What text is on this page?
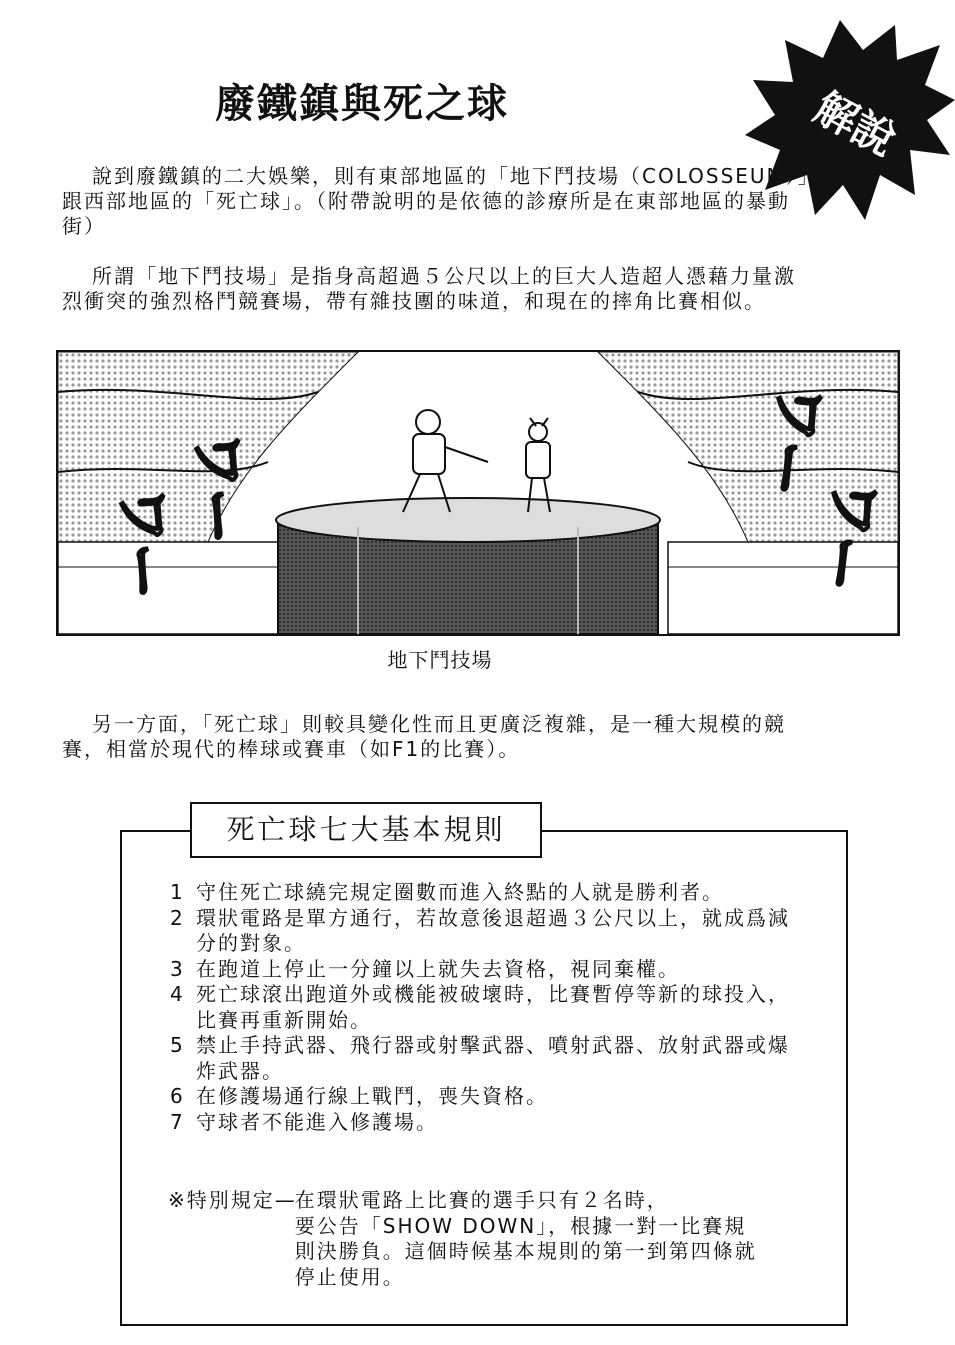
廢鐵鎮與死之球	解說
說到廢鐵鎮的二大娛樂，則有東部地區的「地下鬥技場（COLOSSEUM）」跟西部地區的「死亡球」。（附帶說明的是依德的診療所是在東部地區的暴動街）
所謂「地下鬥技場」是指身高超過５公尺以上的巨大人造超人憑藉力量激烈衝突的強烈格鬥競賽場，帶有雜技團的味道，和現在的摔角比賽相似。
ワー
ワー
ワー
ワー
地下鬥技場
另一方面，「死亡球」則較具變化性而且更廣泛複雜，是一種大規模的競賽，相當於現代的棒球或賽車（如F1的比賽）。
死亡球七大基本規則
1 守住死亡球繞完規定圈數而進入終點的人就是勝利者。
2 環狀電路是單方通行，若故意後退超過３公尺以上，就成爲減分的對象。
3 在跑道上停止一分鐘以上就失去資格，視同棄權。
4 死亡球滾出跑道外或機能被破壞時，比賽暫停等新的球投入，比賽再重新開始。
5 禁止手持武器、飛行器或射擊武器、噴射武器、放射武器或爆炸武器。
6 在修護場通行線上戰鬥，喪失資格。
7 守球者不能進入修護場。
※特別規定—
在環狀電路上比賽的選手只有２名時，
要公告「SHOW DOWN」，根據一對一比賽規則決勝負。這個時候基本規則的第一到第四條就停止使用。
